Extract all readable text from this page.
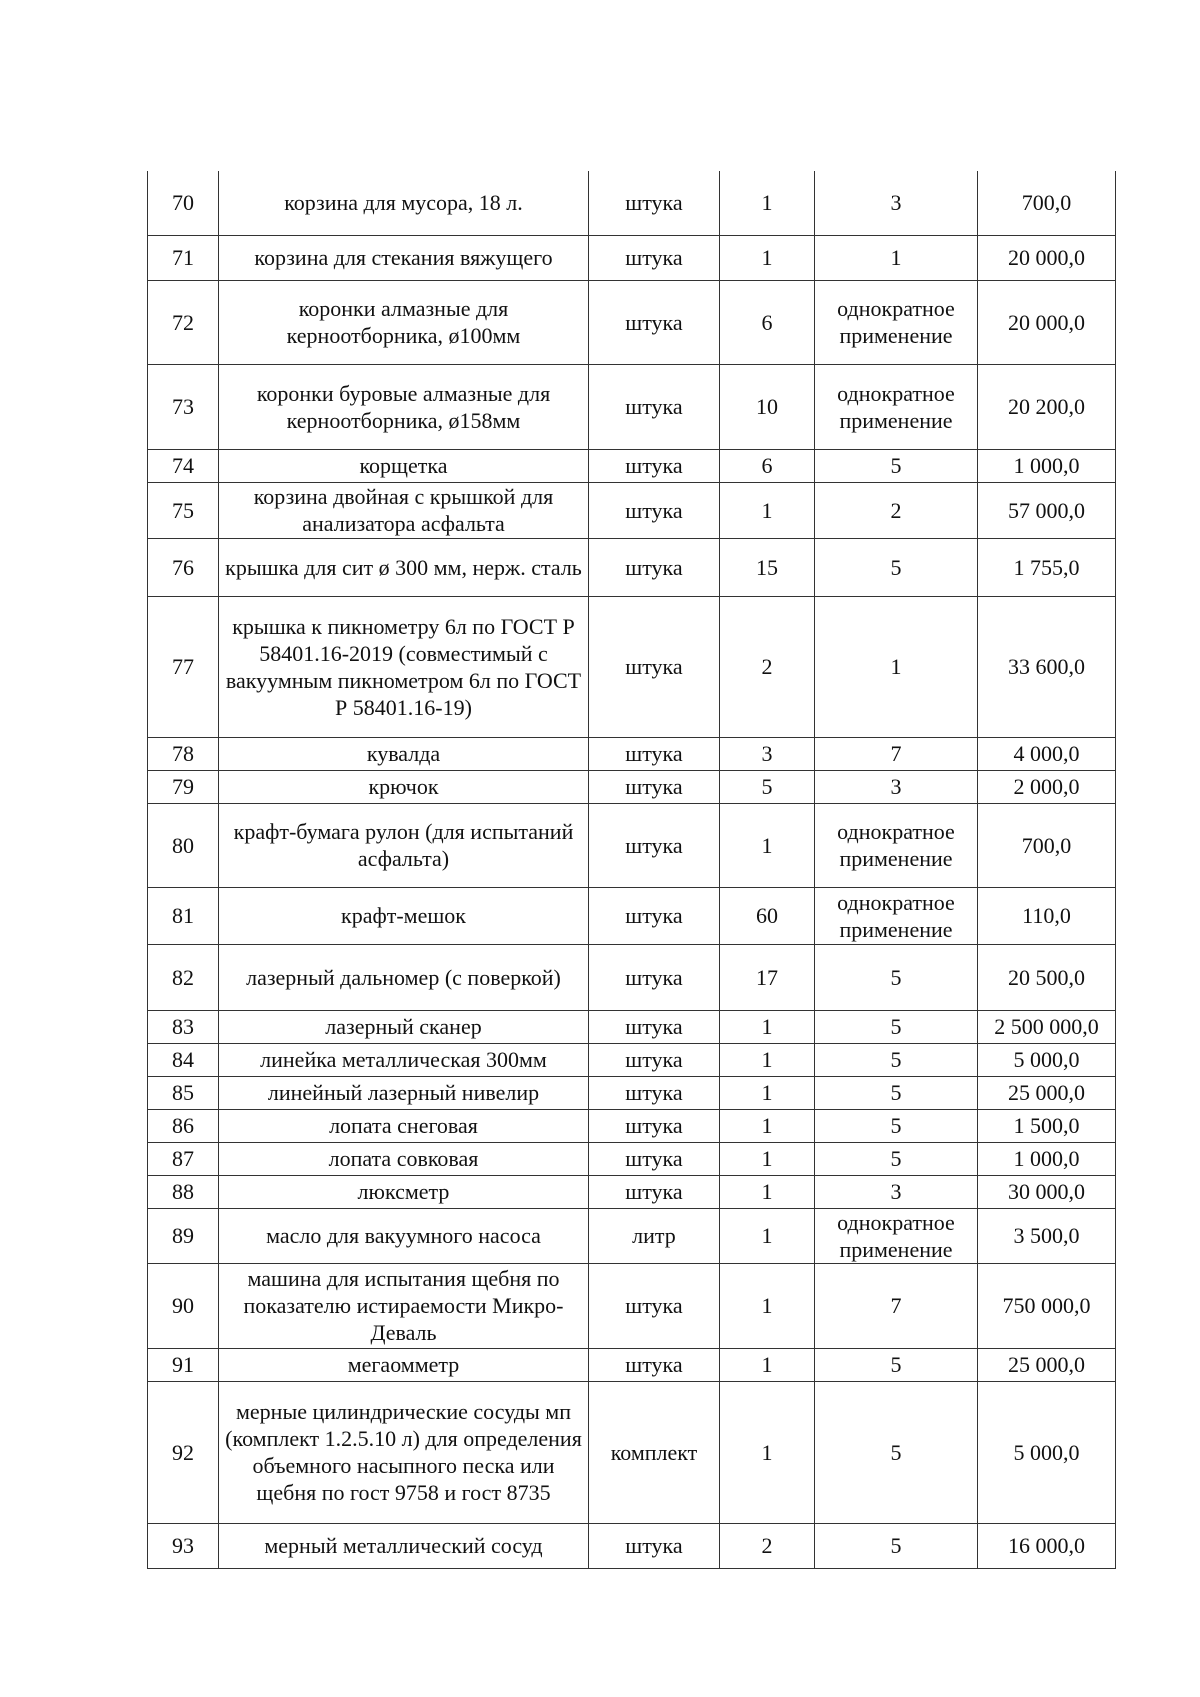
70	корзина для мусора, 18 л.	штука	1	3	700,0
71	корзина для стекания вяжущего	штука	1	1	20 000,0
72	коронки алмазные для керноотборника, ø100мм	штука	6	однократное применение	20 000,0
73	коронки буровые алмазные для керноотборника, ø158мм	штука	10	однократное применение	20 200,0
74	корщетка	штука	6	5	1 000,0
75	корзина двойная с крышкой для анализатора асфальта	штука	1	2	57 000,0
76	крышка для сит ø 300 мм, нерж. сталь	штука	15	5	1 755,0
77	крышка к пикнометру 6л по ГОСТ Р 58401.16-2019 (совместимый с вакуумным пикнометром 6л по ГОСТ Р 58401.16-19)	штука	2	1	33 600,0
78	кувалда	штука	3	7	4 000,0
79	крючок	штука	5	3	2 000,0
80	крафт-бумага рулон (для испытаний асфальта)	штука	1	однократное применение	700,0
81	крафт-мешок	штука	60	однократное применение	110,0
82	лазерный дальномер (с поверкой)	штука	17	5	20 500,0
83	лазерный сканер	штука	1	5	2 500 000,0
84	линейка металлическая 300мм	штука	1	5	5 000,0
85	линейный лазерный нивелир	штука	1	5	25 000,0
86	лопата снеговая	штука	1	5	1 500,0
87	лопата совковая	штука	1	5	1 000,0
88	люксметр	штука	1	3	30 000,0
89	масло для вакуумного насоса	литр	1	однократное применение	3 500,0
90	машина для испытания щебня по показателю истираемости Микро-Деваль	штука	1	7	750 000,0
91	мегаомметр	штука	1	5	25 000,0
92	мерные цилиндрические сосуды мп (комплект 1.2.5.10 л) для определения объемного насыпного песка или щебня по гост 9758 и гост 8735	комплект	1	5	5 000,0
93	мерный металлический сосуд	штука	2	5	16 000,0
